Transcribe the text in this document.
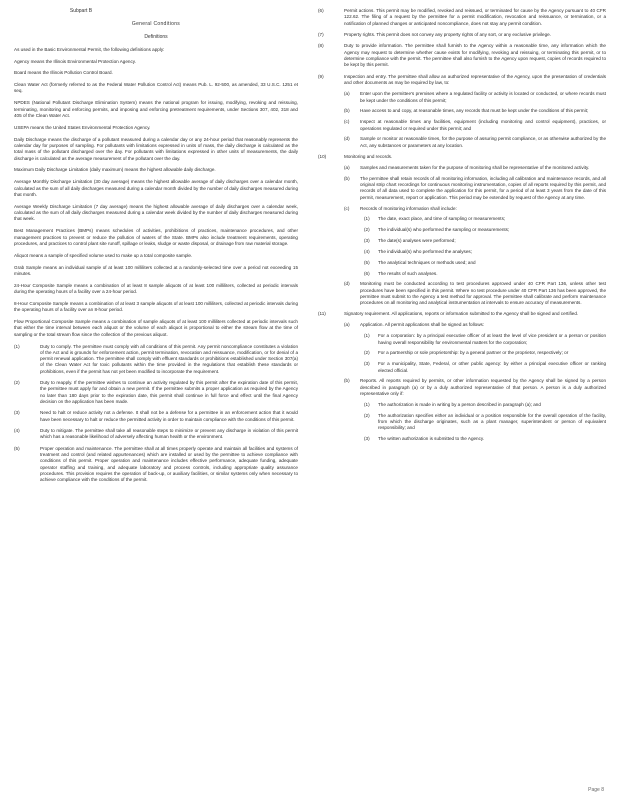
Subpart B
General Conditions
Definitions

As used in the Basic Environmental Permit, the following definitions apply:

Agency means the Illinois Environmental Protection Agency.

Board means the Illinois Pollution Control Board.

Clean Water Act (formerly referred to as the Federal Water Pollution Control Act) means Pub. L. 92-500, as amended, 33 U.S.C. 1251 et seq.

NPDES (National Pollutant Discharge Elimination System) means the national program for issuing, modifying, revoking and reissuing, terminating, monitoring and enforcing permits, and imposing and enforcing pretreatment requirements, under Sections 307, 402, 318 and 405 of the Clean Water Act.

USEPA means the United States Environmental Protection Agency.

Daily Discharge means the discharge of a pollutant measured during a calendar day or any 24-hour period that reasonably represents the calendar day for purposes of sampling. For pollutants with limitations expressed in units of mass, the daily discharge is calculated as the total mass of the pollutant discharged over the day. For pollutants with limitations expressed in other units of measurements, the daily discharge is calculated as the average measurement of the pollutant over the day.

Maximum Daily Discharge Limitation (daily maximum) means the highest allowable daily discharge.

Average Monthly Discharge Limitation (30 day average) means the highest allowable average of daily discharges over a calendar month, calculated as the sum of all daily discharges measured during a calendar month divided by the number of daily discharges measured during that month.

Average Weekly Discharge Limitation (7 day average) means the highest allowable average of daily discharges over a calendar week, calculated as the sum of all daily discharges measured during a calendar week divided by the number of daily discharges measured during that week.

Best Management Practices (BMPs) means schedules of activities, prohibitions of practices, maintenance procedures, and other management practices to prevent or reduce the pollution of waters of the State. BMPs also include treatment requirements, operating procedures, and practices to control plant site runoff, spillage or leaks, sludge or waste disposal, or drainage from raw material storage.

Aliquot means a sample of specified volume used to make up a total composite sample.

Grab Sample means an individual sample of at least 100 milliliters collected at a randomly-selected time over a period not exceeding 15 minutes.

24-Hour Composite Sample means a combination of at least 8 sample aliquots of at least 100 milliliters, collected at periodic intervals during the operating hours of a facility over a 24-hour period.

8-Hour Composite Sample means a combination of at least 3 sample aliquots of at least 100 milliliters, collected at periodic intervals during the operating hours of a facility over an 8-hour period.

Flow Proportional Composite Sample means a combination of sample aliquots of at least 100 milliliters collected at periodic intervals such that either the time interval between each aliquot or the volume of each aliquot is proportional to either the stream flow at the time of sampling or the total stream flow since the collection of the previous aliquot.

(1)	Duty to comply. The permittee must comply with all conditions of this permit. Any permit noncompliance constitutes a violation of the Act and is grounds for enforcement action, permit termination, revocation and reissuance, modification, or for denial of a permit renewal application. The permittee shall comply with effluent standards or prohibitions established under Section 307(a) of the Clean Water Act for toxic pollutants within the time provided in the regulations that establish these standards or prohibitions, even if the permit has not yet been modified to incorporate the requirement.
(2)	Duty to reapply. If the permittee wishes to continue an activity regulated by this permit after the expiration date of this permit, the permittee must apply for and obtain a new permit. If the permittee submits a proper application as required by the Agency no later than 180 days prior to the expiration date, this permit shall continue in full force and effect until the final Agency decision on the application has been made.
(3)	Need to halt or reduce activity not a defense. It shall not be a defense for a permittee in an enforcement action that it would have been necessary to halt or reduce the permitted activity in order to maintain compliance with the conditions of this permit.
(4)	Duty to mitigate. The permittee shall take all reasonable steps to minimize or prevent any discharge in violation of this permit which has a reasonable likelihood of adversely affecting human health or the environment.
(5)	Proper operation and maintenance. The permittee shall at all times properly operate and maintain all facilities and systems of treatment and control (and related appurtenances) which are installed or used by the permittee to achieve compliance with conditions of this permit. Proper operation and maintenance includes effective performance, adequate funding, adequate operator staffing and training, and adequate laboratory and process controls, including appropriate quality assurance procedures. This provision requires the operation of back-up, or auxiliary facilities, or similar systems only when necessary to achieve compliance with the conditions of the permit.
(6)	Permit actions. This permit may be modified, revoked and reissued, or terminated for cause by the Agency pursuant to 40 CFR 122.62. The filing of a request by the permittee for a permit modification, revocation and reissuance, or termination, or a notification of planned changes or anticipated noncompliance, does not stay any permit condition.
(7)	Property rights. This permit does not convey any property rights of any sort, or any exclusive privilege.
(8)	Duty to provide information. The permittee shall furnish to the Agency within a reasonable time, any information which the Agency may request to determine whether cause exists for modifying, revoking and reissuing, or terminating this permit, or to determine compliance with the permit. The permittee shall also furnish to the Agency upon request, copies of records required to be kept by this permit.
(9)	Inspection and entry. The permittee shall allow an authorized representative of the Agency, upon the presentation of credentials and other documents as may be required by law, to:
(a)	Enter upon the permittee's premises where a regulated facility or activity is located or conducted, or where records must be kept under the conditions of this permit;
(b)	Have access to and copy, at reasonable times, any records that must be kept under the conditions of this permit;
(c)	Inspect at reasonable times any facilities, equipment (including monitoring and control equipment), practices, or operations regulated or required under this permit; and
(d)	Sample or monitor at reasonable times, for the purpose of assuring permit compliance, or as otherwise authorized by the Act, any substances or parameters at any location.
(10)	Monitoring and records.
(a)	Samples and measurements taken for the purpose of monitoring shall be representative of the monitored activity.
(b)	The permittee shall retain records of all monitoring information, including all calibration and maintenance records, and all original strip chart recordings for continuous monitoring instrumentation, copies of all reports required by this permit, and records of all data used to complete the application for this permit, for a period of at least 3 years from the date of this permit, measurement, report or application. This period may be extended by request of the Agency at any time.
(c)	Records of monitoring information shall include:
(1)	The date, exact place, and time of sampling or measurements;
(2)	The individual(s) who performed the sampling or measurements;
(3)	The date(s) analyses were performed;
(4)	The individual(s) who performed the analyses;
(5)	The analytical techniques or methods used; and
(6)	The results of such analyses.
(d)	Monitoring must be conducted according to test procedures approved under 40 CFR Part 136, unless other test procedures have been specified in this permit. Where no test procedure under 40 CFR Part 136 has been approved, the permittee must submit to the Agency a test method for approval. The permittee shall calibrate and perform maintenance procedures on all monitoring and analytical instrumentation at intervals to ensure accuracy of measurements.
(11)	Signatory requirement. All applications, reports or information submitted to the Agency shall be signed and certified.
(a)	Application. All permit applications shall be signed as follows:
(1)	For a corporation: by a principal executive officer of at least the level of vice president or a person or position having overall responsibility for environmental matters for the corporation;
(2)	For a partnership or sole proprietorship: by a general partner or the proprietor, respectively; or
(3)	For a municipality, State, Federal, or other public agency: by either a principal executive officer or ranking elected official.
(b)	Reports. All reports required by permits, or other information requested by the Agency shall be signed by a person described in paragraph (a) or by a duly authorized representative of that person. A person is a duly authorized representative only if:
(1)	The authorization is made in writing by a person described in paragraph (a); and
(2)	The authorization specifies either an individual or a position responsible for the overall operation of the facility, from which the discharge originates, such as a plant manager, superintendent or person of equivalent responsibility; and
(3)	The written authorization is submitted to the Agency.
Page 8
